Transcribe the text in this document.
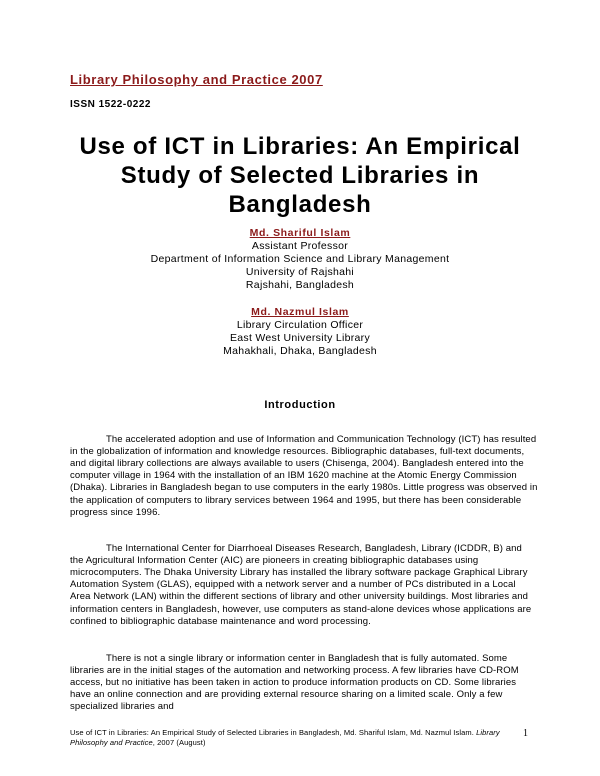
Library Philosophy and Practice 2007
ISSN 1522-0222
Use of ICT in Libraries: An Empirical Study of Selected Libraries in Bangladesh
Md. Shariful Islam
Assistant Professor
Department of Information Science and Library Management
University of Rajshahi
Rajshahi, Bangladesh
Md. Nazmul Islam
Library Circulation Officer
East West University Library
Mahakhali, Dhaka, Bangladesh
Introduction

The accelerated adoption and use of Information and Communication Technology (ICT) has resulted in the globalization of information and knowledge resources. Bibliographic databases, full-text documents, and digital library collections are always available to users (Chisenga, 2004). Bangladesh entered into the computer village in 1964 with the installation of an IBM 1620 machine at the Atomic Energy Commission (Dhaka). Libraries in Bangladesh began to use computers in the early 1980s. Little progress was observed in the application of computers to library services between 1964 and 1995, but there has been considerable progress since 1996.

The International Center for Diarrhoeal Diseases Research, Bangladesh, Library (ICDDR, B) and the Agricultural Information Center (AIC) are pioneers in creating bibliographic databases using microcomputers. The Dhaka University Library has installed the library software package Graphical Library Automation System (GLAS), equipped with a network server and a number of PCs distributed in a Local Area Network (LAN) within the different sections of library and other university buildings. Most libraries and information centers in Bangladesh, however, use computers as stand-alone devices whose applications are confined to bibliographic database maintenance and word processing.

There is not a single library or information center in Bangladesh that is fully automated. Some libraries are in the initial stages of the automation and networking process. A few libraries have CD-ROM access, but no initiative has been taken in action to produce information products on CD. Some libraries have an online connection and are providing external resource sharing on a limited scale. Only a few specialized libraries and

Use of ICT in Libraries: An Empirical Study of Selected Libraries in Bangladesh, Md. Shariful Islam, Md. Nazmul Islam. Library Philosophy and Practice, 2007 (August)
1
